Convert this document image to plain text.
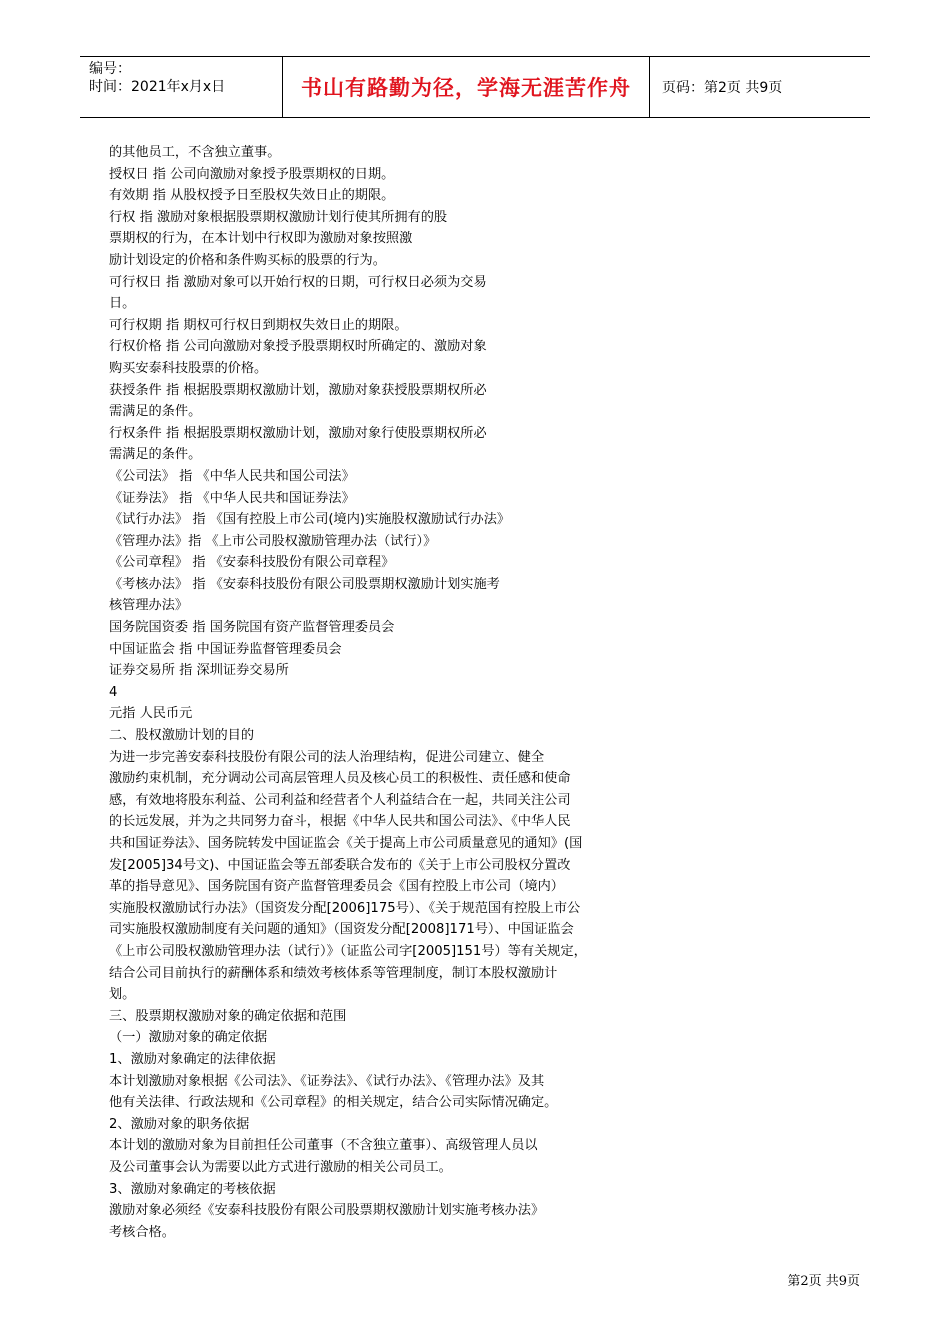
编号：
时间：2021年x月x日	书山有路勤为径，学海无涯苦作舟	页码：第2页 共9页
的其他员工，不含独立董事。
授权日 指 公司向激励对象授予股票期权的日期。
有效期 指 从股权授予日至股权失效日止的期限。
行权 指 激励对象根据股票期权激励计划行使其所拥有的股
票期权的行为，在本计划中行权即为激励对象按照激
励计划设定的价格和条件购买标的股票的行为。
可行权日 指 激励对象可以开始行权的日期，可行权日必须为交易
日。
可行权期 指 期权可行权日到期权失效日止的期限。
行权价格 指 公司向激励对象授予股票期权时所确定的、激励对象
购买安泰科技股票的价格。
获授条件 指 根据股票期权激励计划，激励对象获授股票期权所必
需满足的条件。
行权条件 指 根据股票期权激励计划，激励对象行使股票期权所必
需满足的条件。
《公司法》 指 《中华人民共和国公司法》
《证券法》 指 《中华人民共和国证券法》
《试行办法》 指 《国有控股上市公司(境内)实施股权激励试行办法》
《管理办法》指 《上市公司股权激励管理办法（试行）》
《公司章程》 指 《安泰科技股份有限公司章程》
《考核办法》 指 《安泰科技股份有限公司股票期权激励计划实施考
核管理办法》
国务院国资委 指 国务院国有资产监督管理委员会
中国证监会 指 中国证券监督管理委员会
证券交易所 指 深圳证券交易所
4
元指 人民币元
二、股权激励计划的目的
为进一步完善安泰科技股份有限公司的法人治理结构，促进公司建立、健全
激励约束机制，充分调动公司高层管理人员及核心员工的积极性、责任感和使命
感，有效地将股东利益、公司利益和经营者个人利益结合在一起，共同关注公司
的长远发展，并为之共同努力奋斗，根据《中华人民共和国公司法》、《中华人民
共和国证券法》、国务院转发中国证监会《关于提高上市公司质量意见的通知》(国
发[2005]34号文)、中国证监会等五部委联合发布的《关于上市公司股权分置改
革的指导意见》、国务院国有资产监督管理委员会《国有控股上市公司（境内）
实施股权激励试行办法》（国资发分配[2006]175号）、《关于规范国有控股上市公
司实施股权激励制度有关问题的通知》（国资发分配[2008]171号）、中国证监会
《上市公司股权激励管理办法（试行）》（证监公司字[2005]151号）等有关规定，
结合公司目前执行的薪酬体系和绩效考核体系等管理制度，制订本股权激励计
划。
三、股票期权激励对象的确定依据和范围
（一）激励对象的确定依据
1、激励对象确定的法律依据
本计划激励对象根据《公司法》、《证券法》、《试行办法》、《管理办法》及其
他有关法律、行政法规和《公司章程》的相关规定，结合公司实际情况确定。
2、激励对象的职务依据
本计划的激励对象为目前担任公司董事（不含独立董事）、高级管理人员以
及公司董事会认为需要以此方式进行激励的相关公司员工。
3、激励对象确定的考核依据
激励对象必须经《安泰科技股份有限公司股票期权激励计划实施考核办法》
考核合格。
第2页 共9页
